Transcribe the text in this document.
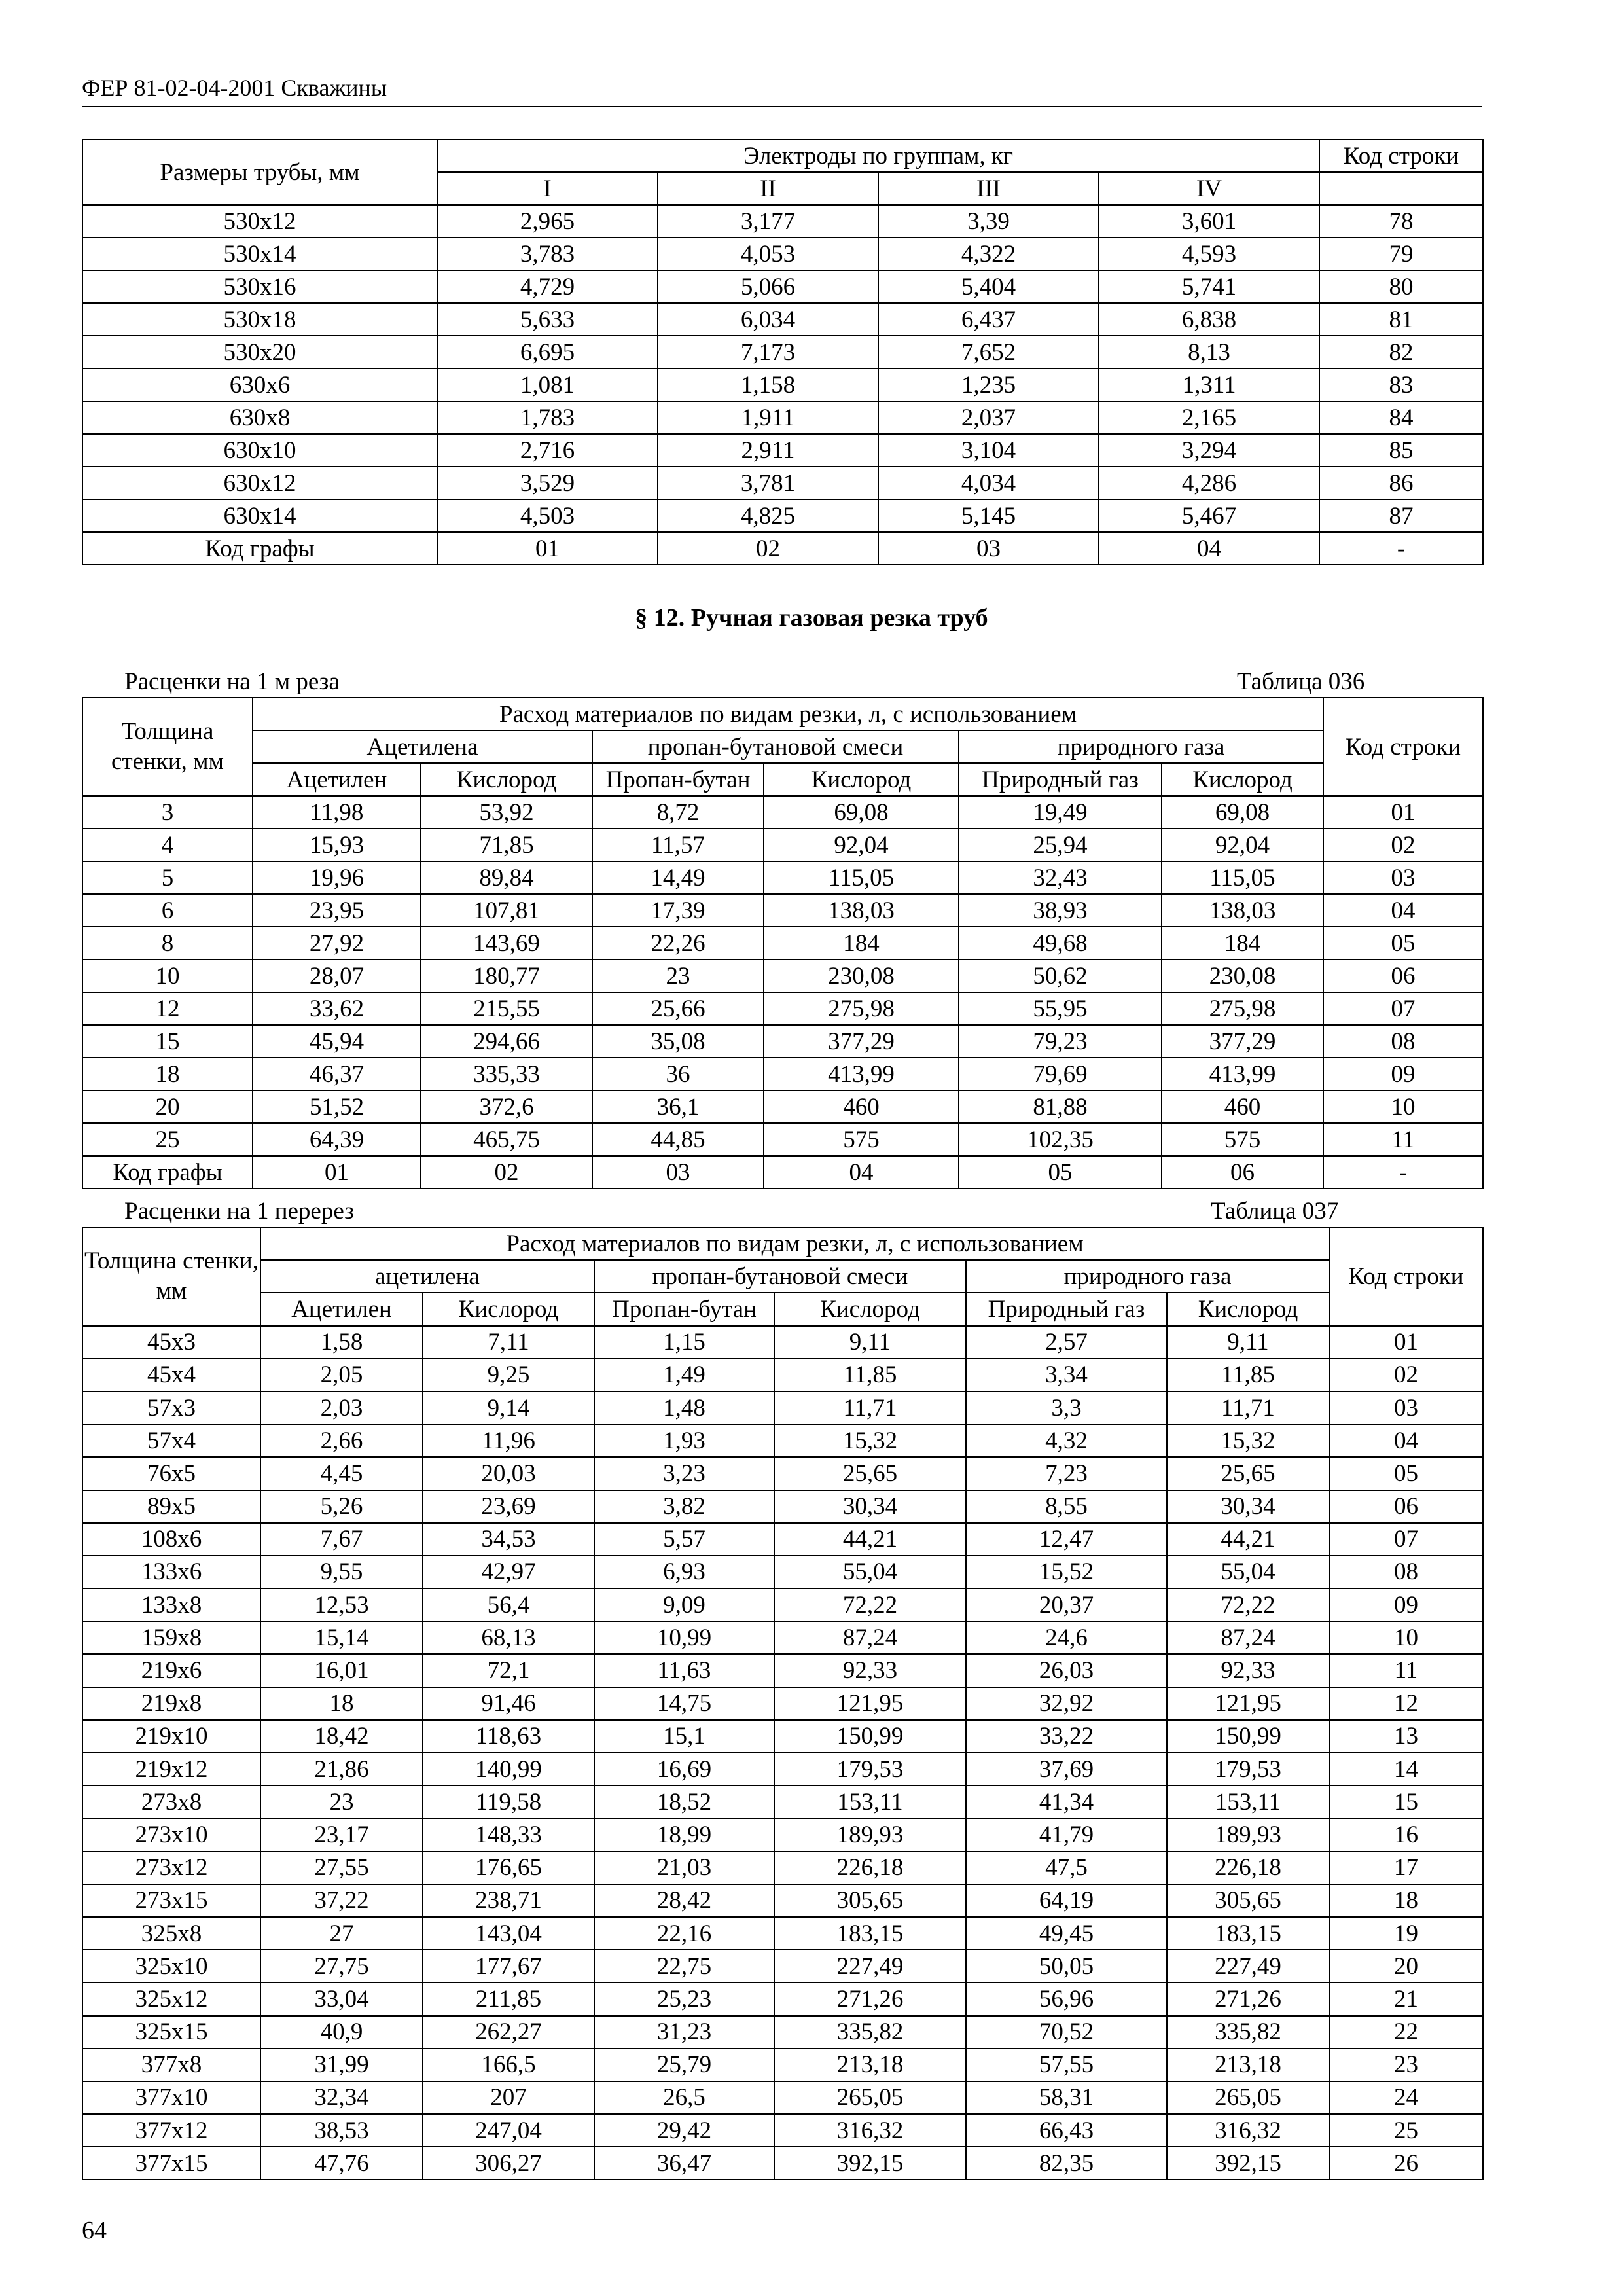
ФЕР 81-02-04-2001 Скважины
Размеры трубы, мм	Электроды по группам, кг				Код строки
	I	II	III	IV	
530x12	2,965	3,177	3,39	3,601	78
530x14	3,783	4,053	4,322	4,593	79
530x16	4,729	5,066	5,404	5,741	80
530x18	5,633	6,034	6,437	6,838	81
530x20	6,695	7,173	7,652	8,13	82
630x6	1,081	1,158	1,235	1,311	83
630x8	1,783	1,911	2,037	2,165	84
630x10	2,716	2,911	3,104	3,294	85
630x12	3,529	3,781	4,034	4,286	86
630x14	4,503	4,825	5,145	5,467	87
Код графы	01	02	03	04	-
§ 12. Ручная газовая резка труб
Расценки на 1 м реза	Таблица 036
Толщина стенки, мм	Расход материалов по видам резки, л, с использованием						Код строки
	Ацетилена		пропан-бутановой смеси		природного газа		
	Ацетилен	Кислород	Пропан-бутан	Кислород	Природный газ	Кислород	
3	11,98	53,92	8,72	69,08	19,49	69,08	01
4	15,93	71,85	11,57	92,04	25,94	92,04	02
5	19,96	89,84	14,49	115,05	32,43	115,05	03
6	23,95	107,81	17,39	138,03	38,93	138,03	04
8	27,92	143,69	22,26	184	49,68	184	05
10	28,07	180,77	23	230,08	50,62	230,08	06
12	33,62	215,55	25,66	275,98	55,95	275,98	07
15	45,94	294,66	35,08	377,29	79,23	377,29	08
18	46,37	335,33	36	413,99	79,69	413,99	09
20	51,52	372,6	36,1	460	81,88	460	10
25	64,39	465,75	44,85	575	102,35	575	11
Код графы	01	02	03	04	05	06	-
Расценки на 1 перерез	Таблица 037
Толщина стенки, мм	Расход материалов по видам резки, л, с использованием						Код строки
	ацетилена		пропан-бутановой смеси		природного газа		
	Ацетилен	Кислород	Пропан-бутан	Кислород	Природный газ	Кислород	
45x3	1,58	7,11	1,15	9,11	2,57	9,11	01
45x4	2,05	9,25	1,49	11,85	3,34	11,85	02
57x3	2,03	9,14	1,48	11,71	3,3	11,71	03
57x4	2,66	11,96	1,93	15,32	4,32	15,32	04
76x5	4,45	20,03	3,23	25,65	7,23	25,65	05
89x5	5,26	23,69	3,82	30,34	8,55	30,34	06
108x6	7,67	34,53	5,57	44,21	12,47	44,21	07
133x6	9,55	42,97	6,93	55,04	15,52	55,04	08
133x8	12,53	56,4	9,09	72,22	20,37	72,22	09
159x8	15,14	68,13	10,99	87,24	24,6	87,24	10
219x6	16,01	72,1	11,63	92,33	26,03	92,33	11
219x8	18	91,46	14,75	121,95	32,92	121,95	12
219x10	18,42	118,63	15,1	150,99	33,22	150,99	13
219x12	21,86	140,99	16,69	179,53	37,69	179,53	14
273x8	23	119,58	18,52	153,11	41,34	153,11	15
273x10	23,17	148,33	18,99	189,93	41,79	189,93	16
273x12	27,55	176,65	21,03	226,18	47,5	226,18	17
273x15	37,22	238,71	28,42	305,65	64,19	305,65	18
325x8	27	143,04	22,16	183,15	49,45	183,15	19
325x10	27,75	177,67	22,75	227,49	50,05	227,49	20
325x12	33,04	211,85	25,23	271,26	56,96	271,26	21
325x15	40,9	262,27	31,23	335,82	70,52	335,82	22
377x8	31,99	166,5	25,79	213,18	57,55	213,18	23
377x10	32,34	207	26,5	265,05	58,31	265,05	24
377x12	38,53	247,04	29,42	316,32	66,43	316,32	25
377x15	47,76	306,27	36,47	392,15	82,35	392,15	26
64
